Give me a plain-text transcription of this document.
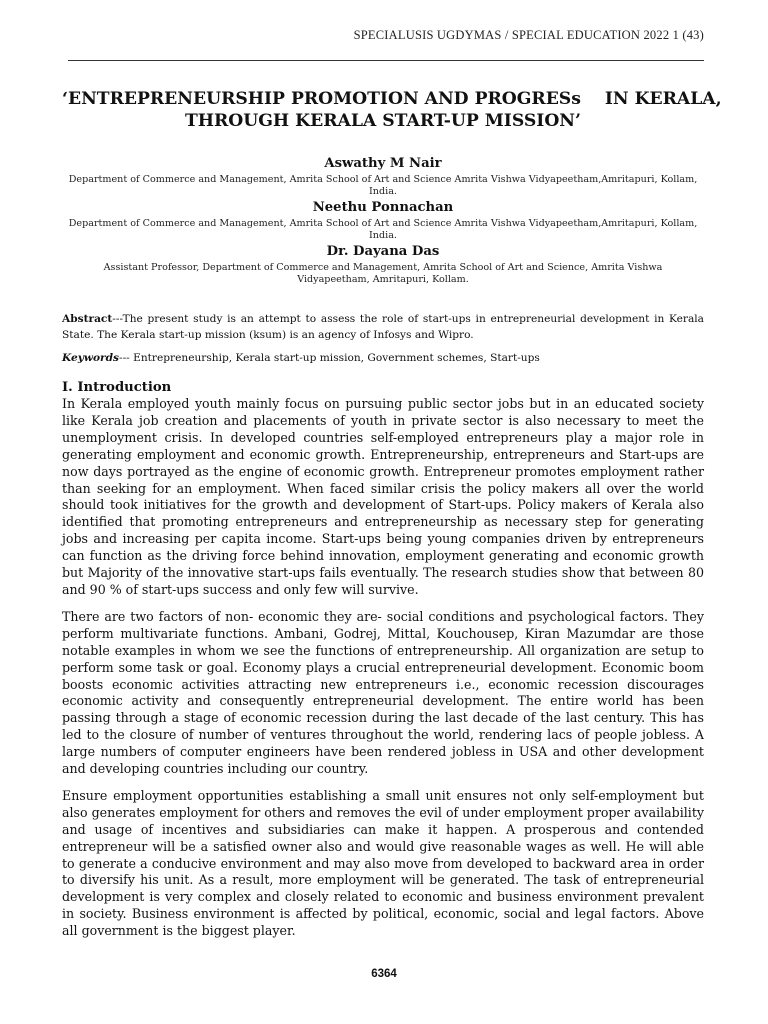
SPECIALUSIS UGDYMAS / SPECIAL EDUCATION 2022 1 (43)
‘ENTREPRENEURSHIP PROMOTION AND PROGRESs    IN KERALA,
THROUGH KERALA START-UP MISSION’

Aswathy M Nair

Department of Commerce and Management, Amrita School of Art and Science Amrita Vishwa Vidyapeetham,Amritapuri, Kollam, India.

Neethu Ponnachan

Department of Commerce and Management, Amrita School of Art and Science Amrita Vishwa Vidyapeetham,Amritapuri, Kollam, India.

Dr. Dayana Das

Assistant Professor, Department of Commerce and Management, Amrita School of Art and Science, Amrita Vishwa Vidyapeetham, Amritapuri, Kollam.

Abstract---The present study is an attempt to assess the role of start-ups in entrepreneurial development in Kerala State. The Kerala start-up mission (ksum) is an agency of Infosys and Wipro.
Keywords--- Entrepreneurship, Kerala start-up mission, Government schemes, Start-ups
I. Introduction

In Kerala employed youth mainly focus on pursuing public sector jobs but in an educated society like Kerala job creation and placements of youth in private sector is also necessary to meet the unemployment crisis. In developed countries self-employed entrepreneurs play a major role in generating employment and economic growth. Entrepreneurship, entrepreneurs and Start-ups are now days portrayed as the engine of economic growth. Entrepreneur promotes employment rather than seeking for an employment. When faced similar crisis the policy makers all over the world should took initiatives for the growth and development of Start-ups. Policy makers of Kerala also identified that promoting entrepreneurs and entrepreneurship as necessary step for generating jobs and increasing per capita income. Start-ups being young companies driven by entrepreneurs can function as the driving force behind innovation, employment generating and economic growth but Majority of the innovative start-ups fails eventually. The research studies show that between 80 and 90 % of start-ups success and only few will survive.

There are two factors of non- economic they are- social conditions and psychological factors. They perform multivariate functions. Ambani, Godrej, Mittal, Kouchousep, Kiran Mazumdar are those notable examples in whom we see the functions of entrepreneurship. All organization are setup to perform some task or goal. Economy plays a crucial entrepreneurial development. Economic boom boosts economic activities attracting new entrepreneurs i.e., economic recession discourages economic activity and consequently entrepreneurial development. The entire world has been passing through a stage of economic recession during the last decade of the last century. This has led to the closure of number of ventures throughout the world, rendering lacs of people jobless. A large numbers of computer engineers have been rendered jobless in USA and other development and developing countries including our country.

Ensure employment opportunities establishing a small unit ensures not only self-employment but also generates employment for others and removes the evil of under employment proper availability and usage of incentives and subsidiaries can make it happen. A prosperous and contended entrepreneur will be a satisfied owner also and would give reasonable wages as well. He will able to generate a conducive environment and may also move from developed to backward area in order to diversify his unit. As a result, more employment will be generated. The task of entrepreneurial development is very complex and closely related to economic and business environment prevalent in society. Business environment is affected by political, economic, social and legal factors. Above all government is the biggest player.

6364
